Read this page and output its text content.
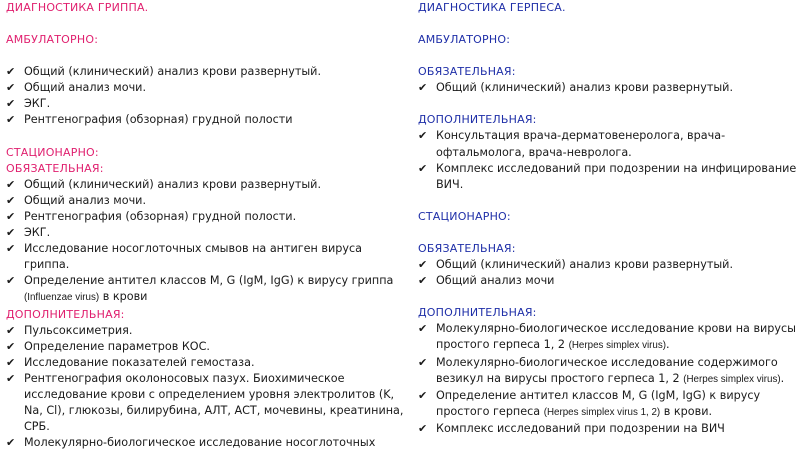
ДИАГНОСТИКА ГРИППА.
АМБУЛАТОРНО:
✔ Общий (клинический) анализ крови развернутый.
✔ Общий анализ мочи.
✔ ЭКГ.
✔ Рентгенография (обзорная) грудной полости
СТАЦИОНАРНО:
ОБЯЗАТЕЛЬНАЯ:
✔ Общий (клинический) анализ крови развернутый.
✔ Общий анализ мочи.
✔ Рентгенография (обзорная) грудной полости.
✔ ЭКГ.
✔ Исследование носоглоточных смывов на антиген вируса гриппа.
✔ Определение антител классов M, G (IgM, IgG) к вирусу гриппа (Influenzae virus) в крови
ДОПОЛНИТЕЛЬНАЯ:
✔ Пульсоксиметрия.
✔ Определение параметров КОС.
✔ Исследование показателей гемостаза.
✔ Рентгенография околоносовых пазух. Биохимическое исследование крови с определением уровня электролитов (K, Na, Cl), глюкозы, билирубина, АЛТ, АСТ, мочевины, креатинина, СРБ.
✔ Молекулярно-биологическое исследование носоглоточных
ДИАГНОСТИКА ГЕРПЕСА.
АМБУЛАТОРНО:
ОБЯЗАТЕЛЬНАЯ:
✔ Общий (клинический) анализ крови развернутый.
ДОПОЛНИТЕЛЬНАЯ:
✔ Консультация врача-дерматовенеролога, врача-офтальмолога, врача-невролога.
✔ Комплекс исследований при подозрении на инфицирование ВИЧ.
СТАЦИОНАРНО:
ОБЯЗАТЕЛЬНАЯ:
✔ Общий (клинический) анализ крови развернутый.
✔ Общий анализ мочи
ДОПОЛНИТЕЛЬНАЯ:
✔ Молекулярно-биологическое исследование крови на вирусы простого герпеса 1, 2 (Herpes simplex virus).
✔ Молекулярно-биологическое исследование содержимого везикул на вирусы простого герпеса 1, 2 (Herpes simplex virus).
✔ Определение антител классов M, G (IgM, IgG) к вирусу простого герпеса (Herpes simplex virus 1, 2) в крови.
✔ Комплекс исследований при подозрении на ВИЧ
